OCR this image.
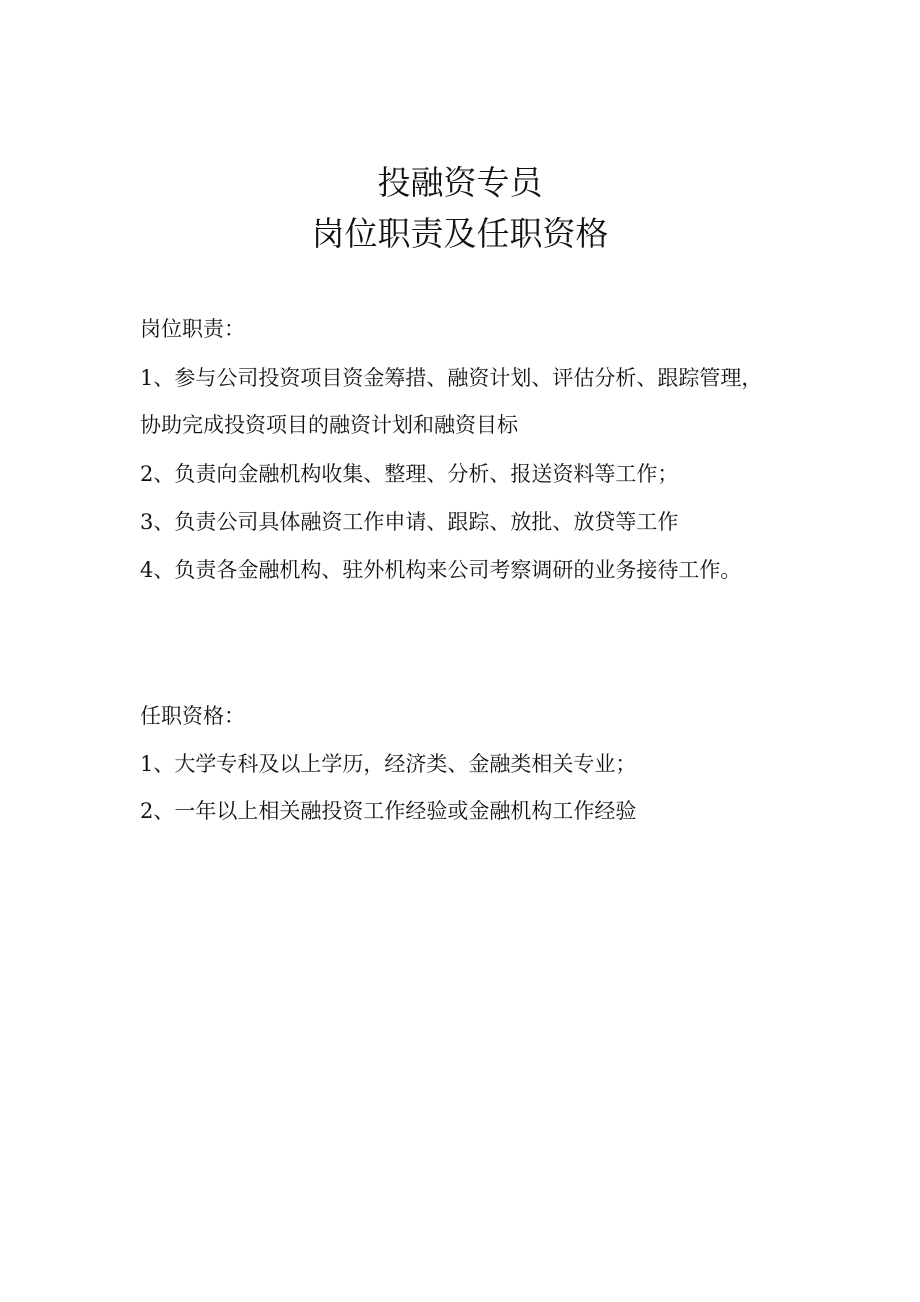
投融资专员
岗位职责及任职资格
岗位职责：
1、参与公司投资项目资金筹措、融资计划、评估分析、跟踪管理，
协助完成投资项目的融资计划和融资目标
2、负责向金融机构收集、整理、分析、报送资料等工作；
3、负责公司具体融资工作申请、跟踪、放批、放贷等工作
4、负责各金融机构、驻外机构来公司考察调研的业务接待工作。
任职资格：
1、大学专科及以上学历，经济类、金融类相关专业；
2、一年以上相关融投资工作经验或金融机构工作经验
